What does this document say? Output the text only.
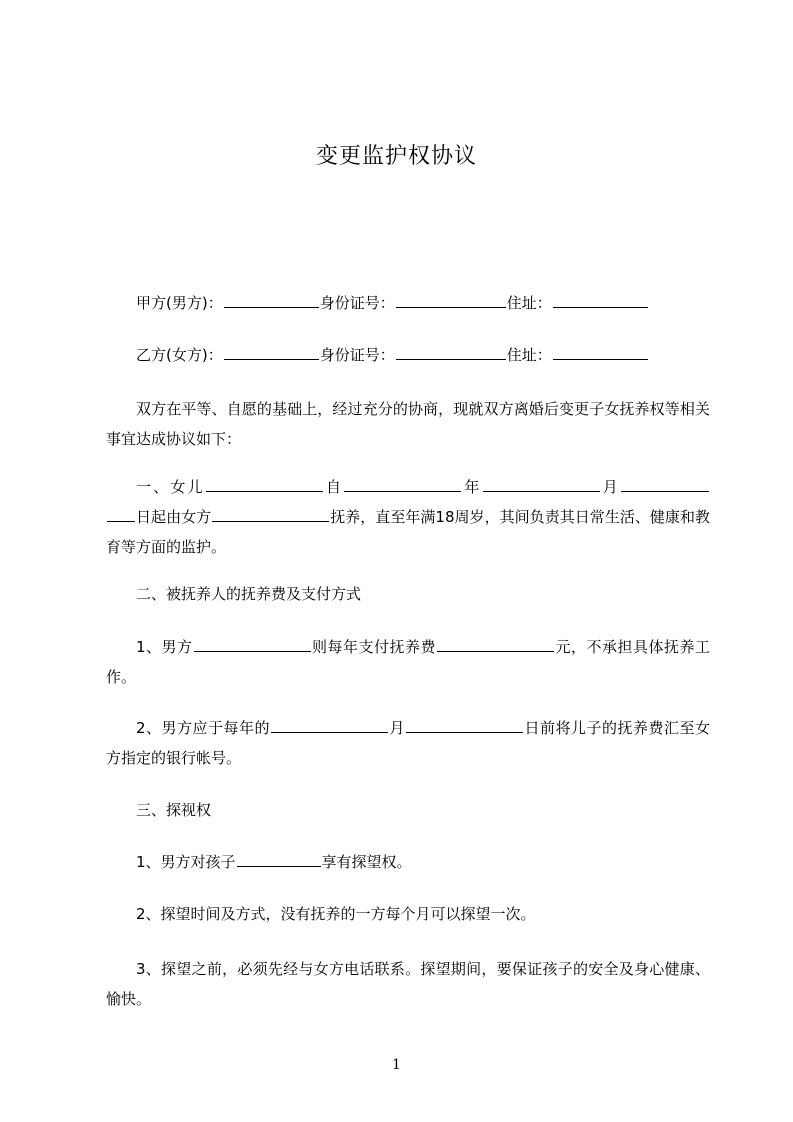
变更监护权协议
甲方(男方)：	身份证号：	住址：
乙方(女方)：	身份证号：	住址：
双方在平等、自愿的基础上，经过充分的协商，现就双方离婚后变更子女抚养权等相关事宜达成协议如下：
一、女儿	自	年	月日起由女方	抚养，直至年满18周岁，其间负责其日常生活、健康和教育等方面的监护。
二、被抚养人的抚养费及支付方式
1、男方	则每年支付抚养费	元，不承担具体抚养工作。
2、男方应于每年的	月	日前将儿子的抚养费汇至女方指定的银行帐号。
三、探视权
1、男方对孩子	享有探望权。
2、探望时间及方式，没有抚养的一方每个月可以探望一次。
3、探望之前，必须先经与女方电话联系。探望期间，要保证孩子的安全及身心健康、愉快。
1
